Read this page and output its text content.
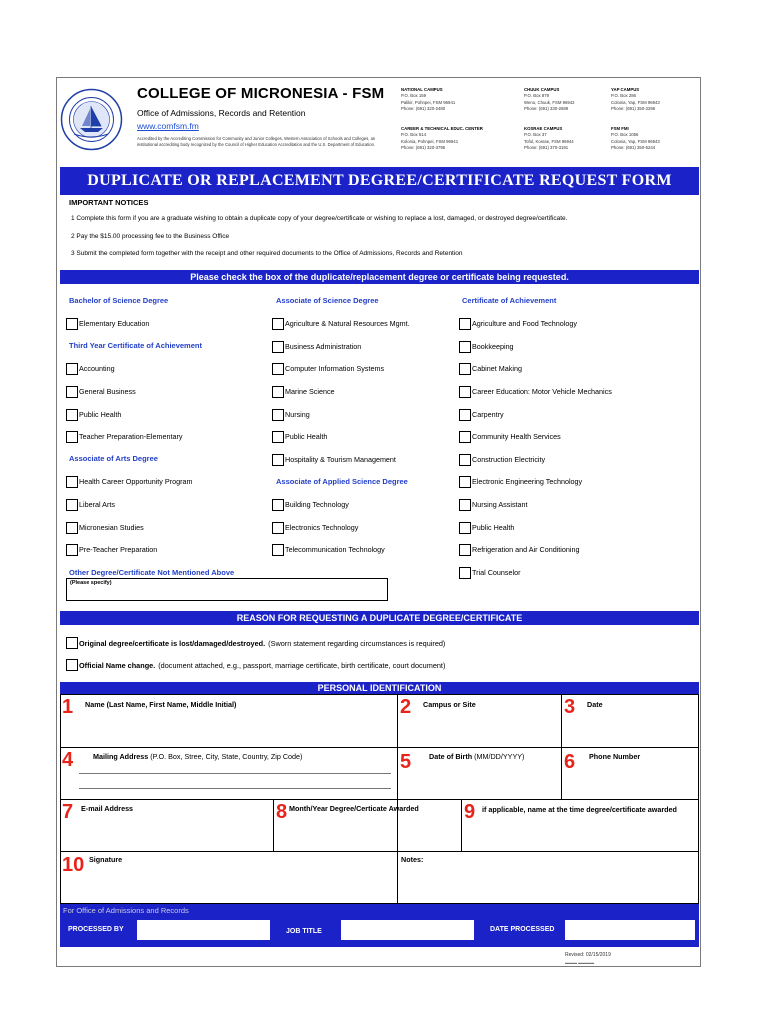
COLLEGE OF MICRONESIA - FSM
Office of Admissions, Records and Retention
www.comfsm.fm
Accredited by the Accrediting Commission for Community and Junior Colleges, Western Association of Schools and Colleges, an institutional accrediting body recognized by the Council of Higher Education Accreditation and the U.S. Department of Education.
NATIONAL CAMPUS
P.O. Box 159
Palikir, Pohnpei, FSM 96941
Phone: (691) 320-2480
CHUUK CAMPUS
P.O. Box 879
Weno, Chuuk, FSM 96942
Phone: (691) 330-2689
YAP CAMPUS
P.O. Box 286
Colonia, Yap, FSM 96943
Phone: (691) 350-2296
CAREER & TECHNICAL EDUC. CENTER
P.O. Box 614
Kolonia, Pohnpei, FSM 96941
Phone: (691) 320-3795
KOSRAE CAMPUS
P.O. Box 37
Tofol, Kosrae, FSM 96944
Phone: (691) 370-3191
FSM FMI
P.O. Box 1056
Colonia, Yap, FSM 96943
Phone: (691) 350-5244
DUPLICATE OR REPLACEMENT DEGREE/CERTIFICATE REQUEST FORM
IMPORTANT NOTICES
1 Complete this form if you are a graduate wishing to obtain a duplicate copy of your degree/certificate or wishing to replace a lost, damaged, or destroyed degree/certificate.
2 Pay the $15.00 processing fee to the Business Office
3 Submit the completed form together with the receipt and other required documents to the Office of Admissions, Records and Retention
Please check the box of the duplicate/replacement degree or certificate being requested.
Bachelor of Science Degree
Elementary Education
Third Year Certificate of Achievement
Accounting
General Business
Public Health
Teacher Preparation-Elementary
Associate of Arts Degree
Health Career Opportunity Program
Liberal Arts
Micronesian Studies
Pre-Teacher Preparation
Other Degree/Certificate Not Mentioned Above
(Please specify)
Associate of Science Degree
Agriculture & Natural Resources Mgmt.
Business Administration
Computer Information Systems
Marine Science
Nursing
Public Health
Hospitality & Tourism Management
Associate of Applied Science Degree
Building Technology
Electronics Technology
Telecommunication Technology
Certificate of Achievement
Agriculture and Food Technology
Bookkeeping
Cabinet Making
Career Education: Motor Vehicle Mechanics
Carpentry
Community Health Services
Construction Electricity
Electronic Engineering Technology
Nursing Assistant
Public Health
Refrigeration and Air Conditioning
Trial Counselor
REASON FOR REQUESTING A DUPLICATE DEGREE/CERTIFICATE
Original degree/certificate is lost/damaged/destroyed. (Sworn statement regarding circumstances is required)
Official Name change. (document attached, e.g., passport, marriage certificate, birth certificate, court document)
PERSONAL IDENTIFICATION
1 Name (Last Name, First Name, Middle Initial)	2 Campus or Site	3 Date
4	Mailing Address (P.O. Box, Stree, City, State, Country, Zip Code)	5 Date of Birth (MM/DD/YYYY) 6 Phone Number
7 E-mail Address	8 Month/Year Degree/Certicate Awarded 9 if applicable, name at the time degree/certificate awarded
10 Signature	Notes:
For Office of Admissions and Records
PROCESSED BY	JOB TITLE	DATE PROCESSED
Revised: 02/15/2019
▬▬▬ ▬▬▬▬
